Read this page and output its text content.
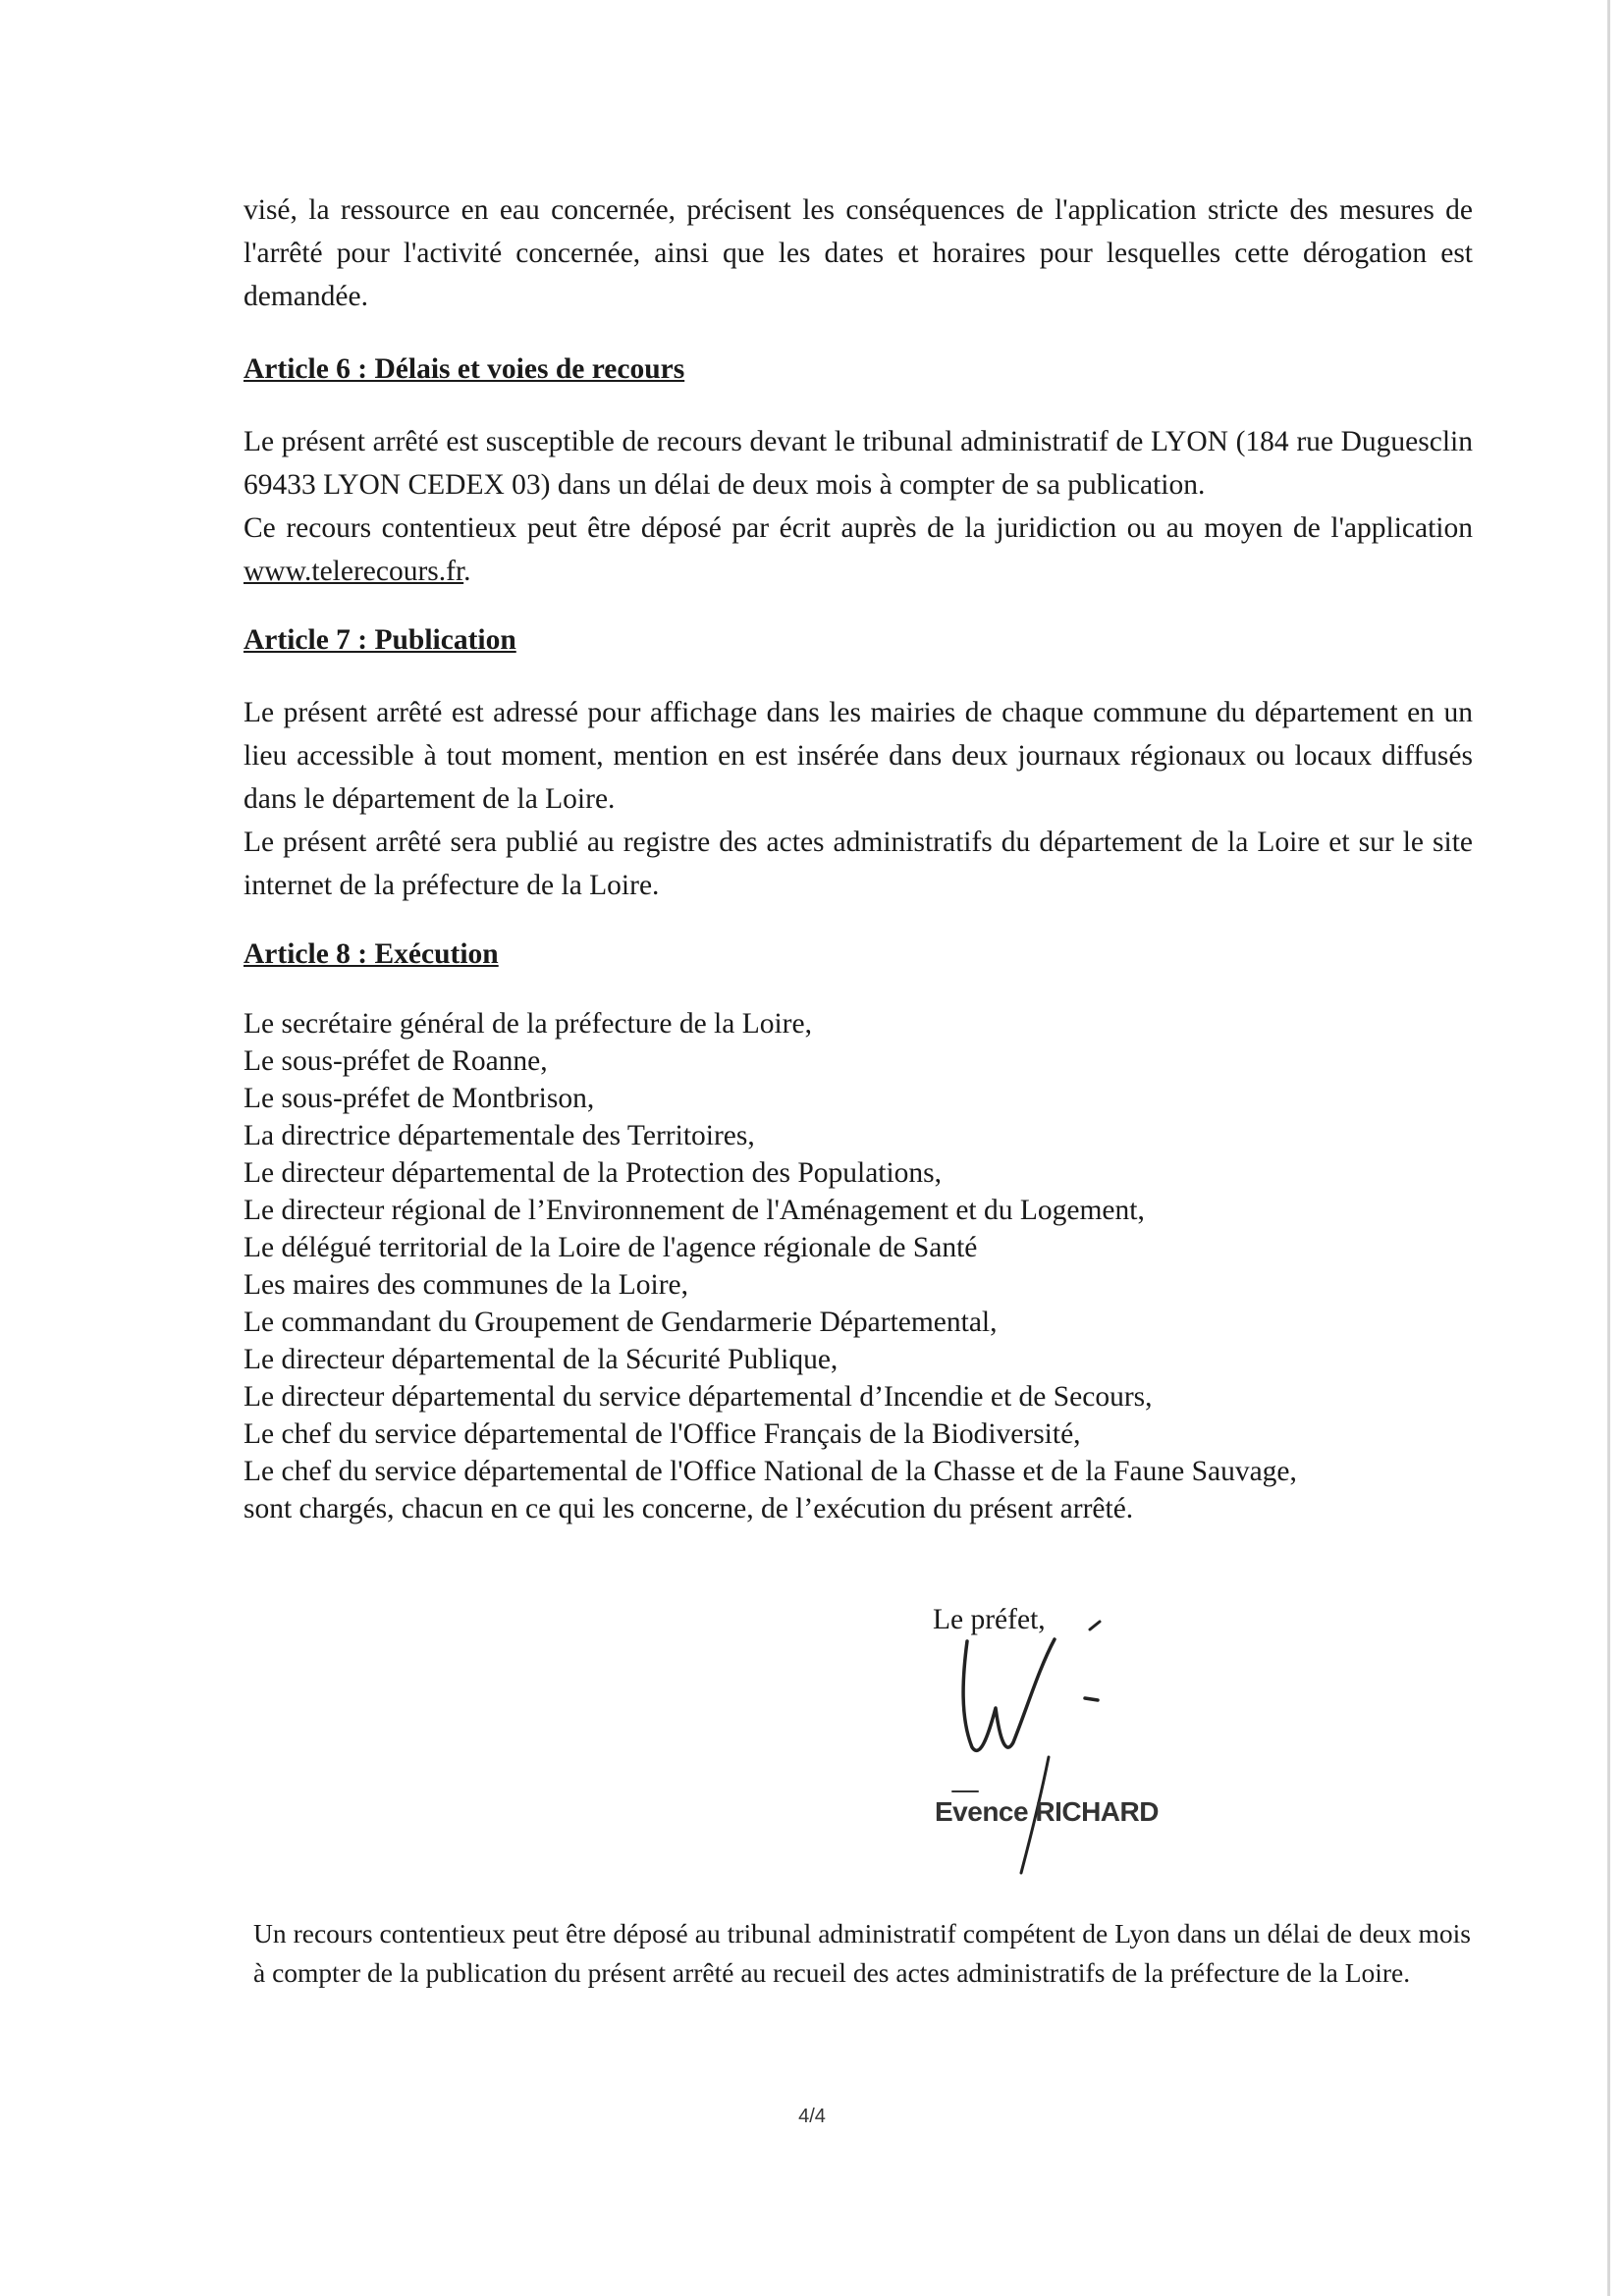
visé, la ressource en eau concernée, précisent les conséquences de l'application stricte des mesures de l'arrêté pour l'activité concernée, ainsi que les dates et horaires pour lesquelles cette dérogation est demandée.

Article 6 : Délais et voies de recours

Le présent arrêté est susceptible de recours devant le tribunal administratif de LYON (184 rue Duguesclin 69433 LYON CEDEX 03) dans un délai de deux mois à compter de sa publication.

Ce recours contentieux peut être déposé par écrit auprès de la juridiction ou au moyen de l'application www.telerecours.fr.

Article 7 : Publication

Le présent arrêté est adressé pour affichage dans les mairies de chaque commune du département en un lieu accessible à tout moment, mention en est insérée dans deux journaux régionaux ou locaux diffusés dans le département de la Loire.

Le présent arrêté sera publié au registre des actes administratifs du département de la Loire et sur le site internet de la préfecture de la Loire.

Article 8 : Exécution
Le secrétaire général de la préfecture de la Loire,
Le sous-préfet de Roanne,
Le sous-préfet de Montbrison,
La directrice départementale des Territoires,
Le directeur départemental de la Protection des Populations,
Le directeur régional de l’Environnement de l'Aménagement et du Logement,
Le délégué territorial de la Loire de l'agence régionale de Santé
Les maires des communes de la Loire,
Le commandant du Groupement de Gendarmerie Départemental,
Le directeur départemental de la Sécurité Publique,
Le directeur départemental du service départemental d’Incendie et de Secours,
Le chef du service départemental de l'Office Français de la Biodiversité,
Le chef du service départemental de l'Office National de la Chasse et de la Faune Sauvage,
sont chargés, chacun en ce qui les concerne, de l’exécution du présent arrêté.
Le préfet,
Evence RICHARD
Un recours contentieux peut être déposé au tribunal administratif compétent de Lyon dans un délai de deux mois à compter de la publication du présent arrêté au recueil des actes administratifs de la préfecture de la Loire.
4/4
